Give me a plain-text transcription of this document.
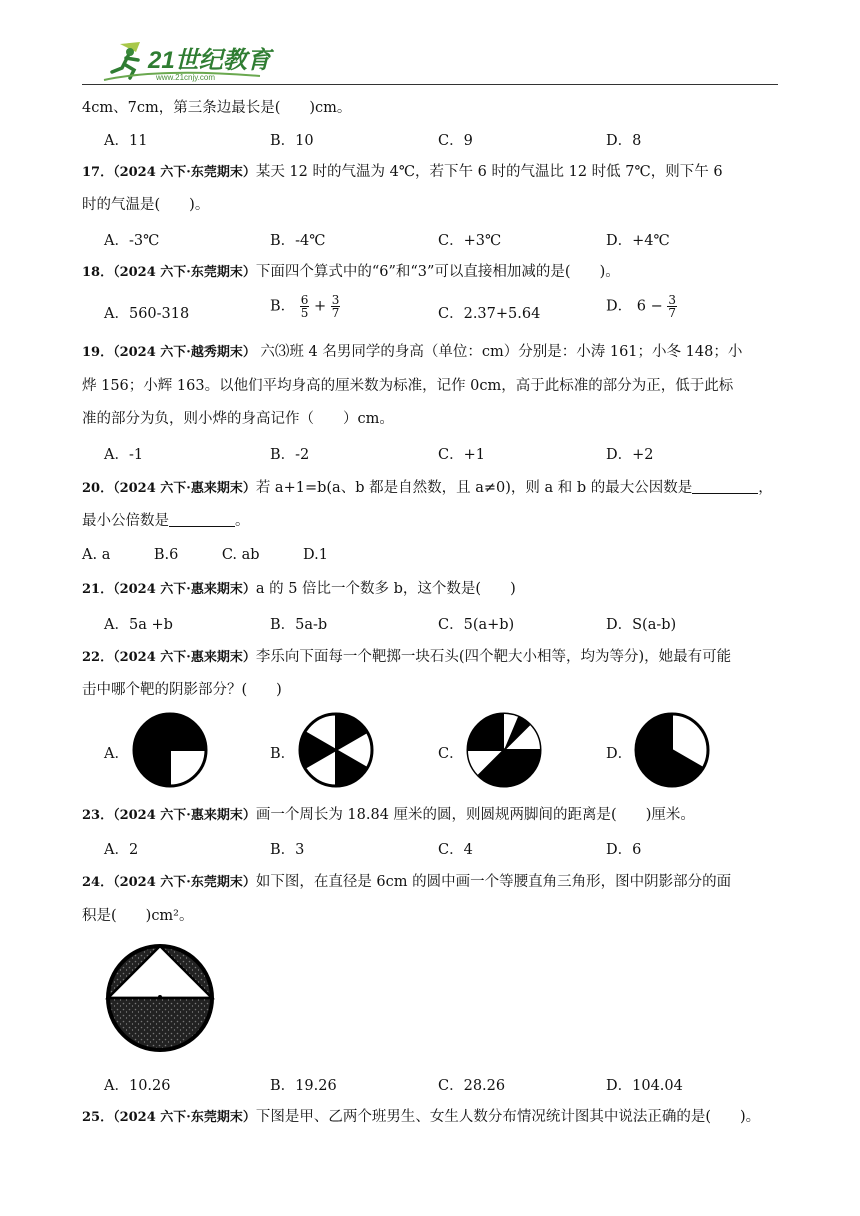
21世纪教育
www.21cnjy.com
4cm、7cm，第三条边最长是(　　)cm。
A．11	B．10	C．9	D．8
17．（2024 六下·东莞期末）某天 12 时的气温为 4℃，若下午 6 时的气温比 12 时低 7℃，则下午 6
时的气温是(　　)。
A．-3℃	B．-4℃	C．+3℃	D．+4℃
18．（2024 六下·东莞期末）下面四个算式中的“6”和“3”可以直接相加减的是(　　)。
A．560-318	B． $\frac{6}{5} + \frac{3}{7}$	C．2.37+5.64	D． $6 - \frac{3}{7}$
19．（2024 六下·越秀期末） 六⑶班 4 名男同学的身高（单位：cm）分别是：小涛 161；小冬 148；小
烨 156；小辉 163。以他们平均身高的厘米数为标准，记作 0cm，高于此标准的部分为正，低于此标
准的部分为负，则小烨的身高记作（　　）cm。
A．-1	B．-2	C．+1	D．+2
20．（2024 六下·惠来期末）若 a+1=b(a、b 都是自然数，且 a≠0)，则 a 和 b 的最大公因数是	，
最小公倍数是	。
A. a　　　B.6　　　C. ab　　　D.1
21．（2024 六下·惠来期末）a 的 5 倍比一个数多 b，这个数是(　　)
A．5a +b	B．5a-b	C．5(a+b)	D．S(a-b)
22．（2024 六下·惠来期末）李乐向下面每一个靶掷一块石头(四个靶大小相等，均为等分)，她最有可能
击中哪个靶的阴影部分？(　　)
A．	B．	C．	D．
23．（2024 六下·惠来期末）画一个周长为 18.84 厘米的圆，则圆规两脚间的距离是(　　)厘米。
A．2	B．3	C．4	D．6
24．（2024 六下·东莞期末）如下图，在直径是 6cm 的圆中画一个等腰直角三角形，图中阴影部分的面
积是(　　)cm²。
A．10.26	B．19.26	C．28.26	D．104.04
25．（2024 六下·东莞期末）下图是甲、乙两个班男生、女生人数分布情况统计图其中说法正确的是(　　)。
